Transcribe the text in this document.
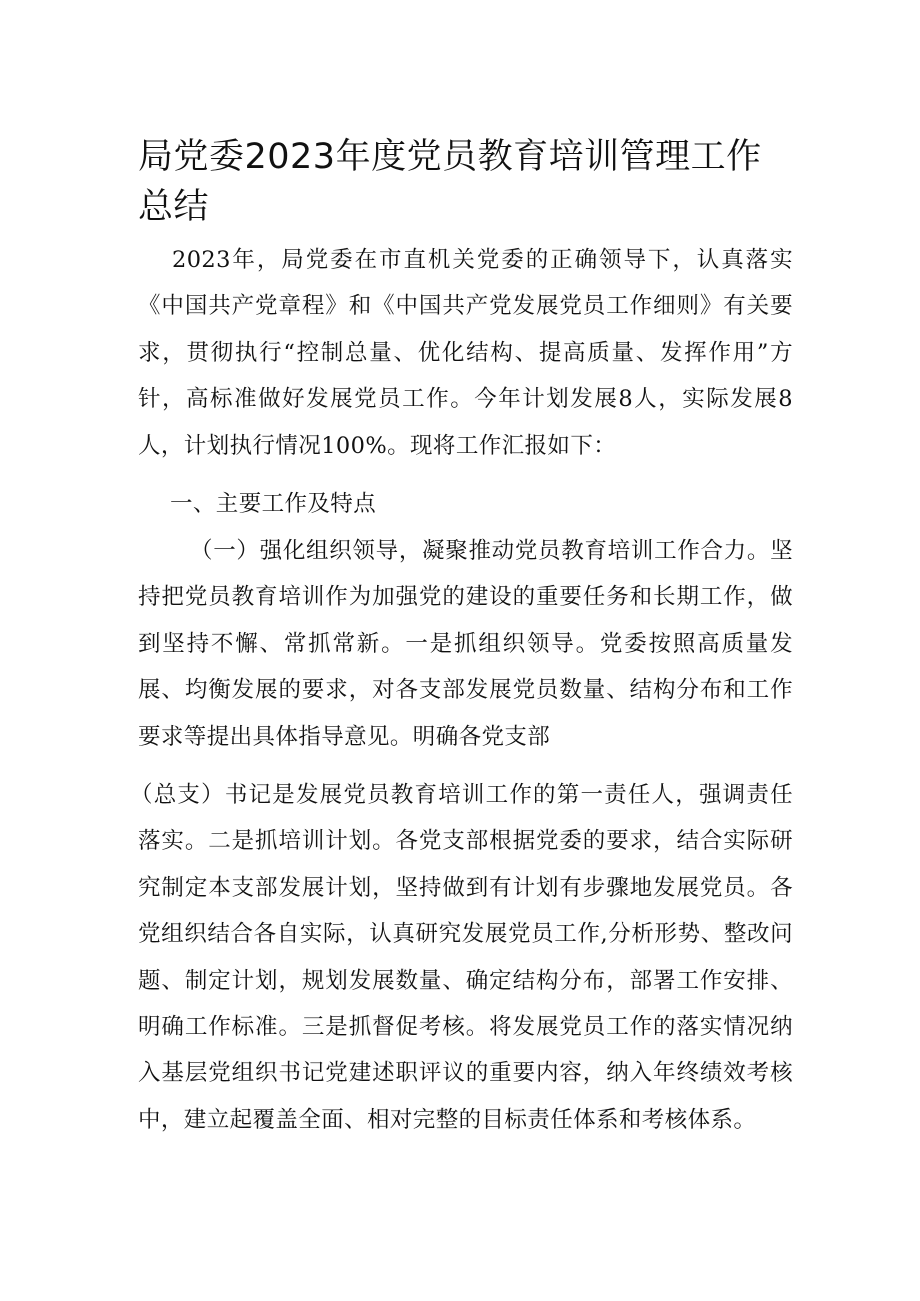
局党委2023年度党员教育培训管理工作总结

2023年，局党委在市直机关党委的正确领导下，认真落实《中国共产党章程》和《中国共产党发展党员工作细则》有关要求，贯彻执行“控制总量、优化结构、提高质量、发挥作用”方针，高标准做好发展党员工作。今年计划发展8人，实际发展8人，计划执行情况100%。现将工作汇报如下：

一、主要工作及特点

（一）强化组织领导，凝聚推动党员教育培训工作合力。坚持把党员教育培训作为加强党的建设的重要任务和长期工作，做到坚持不懈、常抓常新。一是抓组织领导。党委按照高质量发展、均衡发展的要求，对各支部发展党员数量、结构分布和工作要求等提出具体指导意见。明确各党支部

（总支）书记是发展党员教育培训工作的第一责任人，强调责任落实。二是抓培训计划。各党支部根据党委的要求，结合实际研究制定本支部发展计划，坚持做到有计划有步骤地发展党员。各党组织结合各自实际，认真研究发展党员工作,分析形势、整改问题、制定计划，规划发展数量、确定结构分布，部署工作安排、明确工作标准。三是抓督促考核。将发展党员工作的落实情况纳入基层党组织书记党建述职评议的重要内容，纳入年终绩效考核中，建立起覆盖全面、相对完整的目标责任体系和考核体系。
